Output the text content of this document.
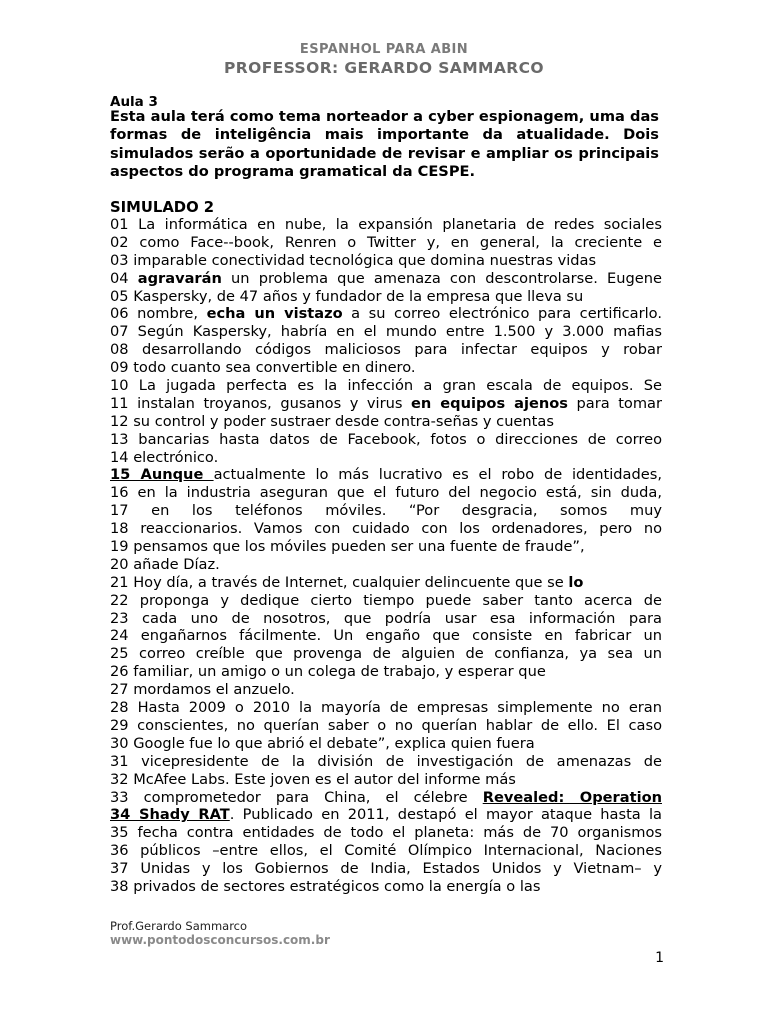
ESPANHOL PARA ABIN
PROFESSOR: GERARDO SAMMARCO
Aula 3
Esta aula terá como tema norteador a cyber espionagem, uma das formas de inteligência mais importante da atualidade. Dois simulados serão a oportunidade de revisar e ampliar os principais aspectos do programa gramatical da CESPE.
SIMULADO 2
01 La informática en nube, la expansión planetaria de redes sociales
02 como Face--book, Renren o Twitter y, en general, la creciente e
03 imparable conectividad tecnológica que domina nuestras vidas
04 agravarán un problema que amenaza con descontrolarse. Eugene
05 Kaspersky, de 47 años y fundador de la empresa que lleva su
06 nombre, echa un vistazo a su correo electrónico para certificarlo.
07 Según Kaspersky, habría en el mundo entre 1.500 y 3.000 mafias
08 desarrollando códigos maliciosos para infectar equipos y robar
09 todo cuanto sea convertible en dinero.
10 La jugada perfecta es la infección a gran escala de equipos. Se
11 instalan troyanos, gusanos y virus en equipos ajenos para tomar
12 su control y poder sustraer desde contra-señas y cuentas
13 bancarias hasta datos de Facebook, fotos o direcciones de correo
14 electrónico.
15 Aunque actualmente lo más lucrativo es el robo de identidades,
16 en la industria aseguran que el futuro del negocio está, sin duda,
17 en los teléfonos móviles. “Por desgracia, somos muy
18 reaccionarios. Vamos con cuidado con los ordenadores, pero no
19 pensamos que los móviles pueden ser una fuente de fraude”,
20 añade Díaz.
21 Hoy día, a través de Internet, cualquier delincuente que se lo
22 proponga y dedique cierto tiempo puede saber tanto acerca de
23 cada uno de nosotros, que podría usar esa información para
24 engañarnos fácilmente. Un engaño que consiste en fabricar un
25 correo creíble que provenga de alguien de confianza, ya sea un
26 familiar, un amigo o un colega de trabajo, y esperar que
27 mordamos el anzuelo.
28 Hasta 2009 o 2010 la mayoría de empresas simplemente no eran
29 conscientes, no querían saber o no querían hablar de ello. El caso
30 Google fue lo que abrió el debate”, explica quien fuera
31 vicepresidente de la división de investigación de amenazas de
32 McAfee Labs. Este joven es el autor del informe más
33 comprometedor para China, el célebre Revealed: Operation
34 Shady RAT. Publicado en 2011, destapó el mayor ataque hasta la
35 fecha contra entidades de todo el planeta: más de 70 organismos
36 públicos –entre ellos, el Comité Olímpico Internacional, Naciones
37 Unidas y los Gobiernos de India, Estados Unidos y Vietnam– y
38 privados de sectores estratégicos como la energía o las
Prof.Gerardo Sammarco
www.pontodosconcursos.com.br
1
